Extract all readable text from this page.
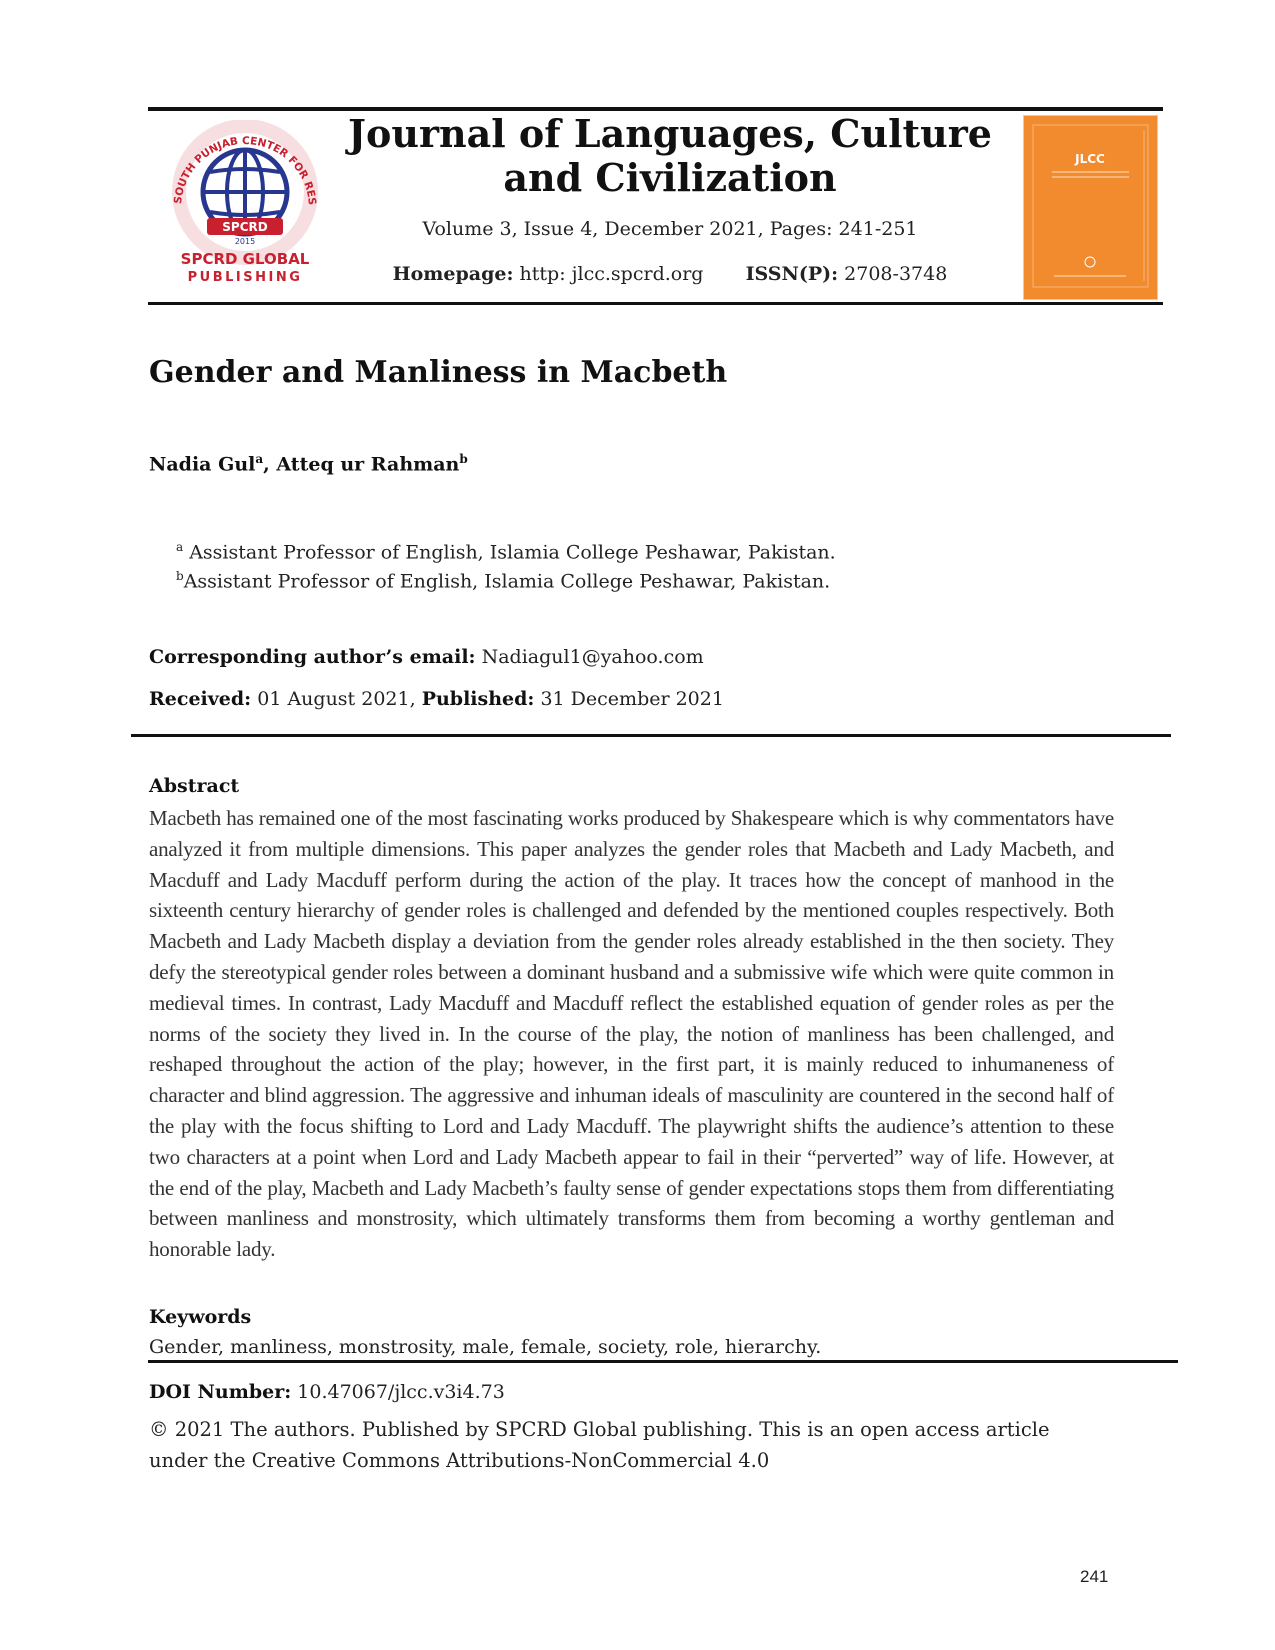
SOUTH PUNJAB CENTER FOR RES
SPCRD
2015
SPCRD GLOBAL
PUBLISHING
Journal of Languages, Culture
and Civilization
Volume 3, Issue 4, December 2021, Pages: 241-251
Homepage: http: jlcc.spcrd.org ISSN(P): 2708-3748
JLCC
Gender and Manliness in Macbeth
Nadia Gul$^a$, Atteq ur Rahman$^b$
$^a$ Assistant Professor of English, Islamia College Peshawar, Pakistan.
$^b$Assistant Professor of English, Islamia College Peshawar, Pakistan.
Corresponding author’s email: Nadiagul1@yahoo.com
Received: 01 August 2021, Published: 31 December 2021
Abstract
Macbeth has remained one of the most fascinating works produced by Shakespeare which is why commentators have analyzed it from multiple dimensions. This paper analyzes the gender roles that Macbeth and Lady Macbeth, and Macduff and Lady Macduff perform during the action of the play. It traces how the concept of manhood in the sixteenth century hierarchy of gender roles is challenged and defended by the mentioned couples respectively. Both Macbeth and Lady Macbeth display a deviation from the gender roles already established in the then society. They defy the stereotypical gender roles between a dominant husband and a submissive wife which were quite common in medieval times. In contrast, Lady Macduff and Macduff reflect the established equation of gender roles as per the norms of the society they lived in. In the course of the play, the notion of manliness has been challenged, and reshaped throughout the action of the play; however, in the first part, it is mainly reduced to inhumaneness of character and blind aggression. The aggressive and inhuman ideals of masculinity are countered in the second half of the play with the focus shifting to Lord and Lady Macduff. The playwright shifts the audience’s attention to these two characters at a point when Lord and Lady Macbeth appear to fail in their “perverted” way of life. However, at the end of the play, Macbeth and Lady Macbeth’s faulty sense of gender expectations stops them from differentiating between manliness and monstrosity, which ultimately transforms them from becoming a worthy gentleman and honorable lady.
Keywords
Gender, manliness, monstrosity, male, female, society, role, hierarchy.
DOI Number: 10.47067/jlcc.v3i4.73
© 2021 The authors. Published by SPCRD Global publishing. This is an open access article under the Creative Commons Attributions-NonCommercial 4.0
241
